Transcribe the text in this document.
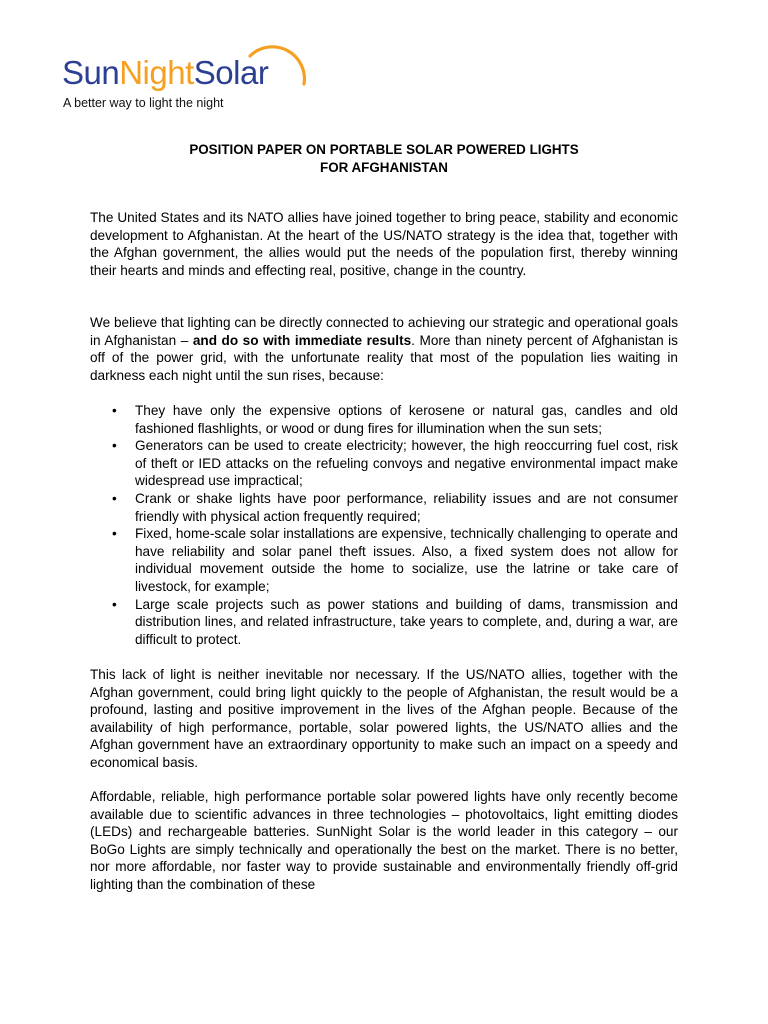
SunNightSolar
A better way to light the night
POSITION PAPER ON PORTABLE SOLAR POWERED LIGHTS
FOR AFGHANISTAN

The United States and its NATO allies have joined together to bring peace, stability and economic development to Afghanistan. At the heart of the US/NATO strategy is the idea that, together with the Afghan government, the allies would put the needs of the population first, thereby winning their hearts and minds and effecting real, positive, change in the country.

We believe that lighting can be directly connected to achieving our strategic and operational goals in Afghanistan – and do so with immediate results. More than ninety percent of Afghanistan is off of the power grid, with the unfortunate reality that most of the population lies waiting in darkness each night until the sun rises, because:

• They have only the expensive options of kerosene or natural gas, candles and old fashioned flashlights, or wood or dung fires for illumination when the sun sets;
• Generators can be used to create electricity; however, the high reoccurring fuel cost, risk of theft or IED attacks on the refueling convoys and negative environmental impact make widespread use impractical;
• Crank or shake lights have poor performance, reliability issues and are not consumer friendly with physical action frequently required;
• Fixed, home-scale solar installations are expensive, technically challenging to operate and have reliability and solar panel theft issues. Also, a fixed system does not allow for individual movement outside the home to socialize, use the latrine or take care of livestock, for example;
• Large scale projects such as power stations and building of dams, transmission and distribution lines, and related infrastructure, take years to complete, and, during a war, are difficult to protect.

This lack of light is neither inevitable nor necessary. If the US/NATO allies, together with the Afghan government, could bring light quickly to the people of Afghanistan, the result would be a profound, lasting and positive improvement in the lives of the Afghan people. Because of the availability of high performance, portable, solar powered lights, the US/NATO allies and the Afghan government have an extraordinary opportunity to make such an impact on a speedy and economical basis.

Affordable, reliable, high performance portable solar powered lights have only recently become available due to scientific advances in three technologies – photovoltaics, light emitting diodes (LEDs) and rechargeable batteries. SunNight Solar is the world leader in this category – our BoGo Lights are simply technically and operationally the best on the market. There is no better, nor more affordable, nor faster way to provide sustainable and environmentally friendly off-grid lighting than the combination of these
